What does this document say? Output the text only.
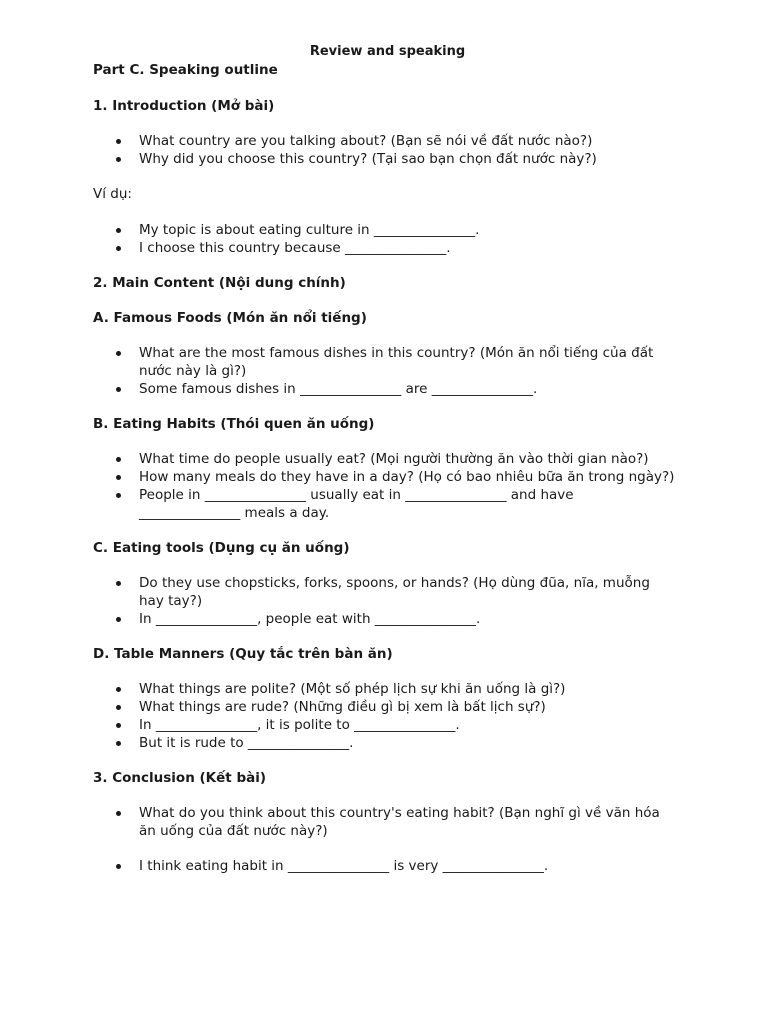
Review and speaking
Part C. Speaking outline
1. Introduction (Mở bài)
What country are you talking about? (Bạn sẽ nói về đất nước nào?)
Why did you choose this country? (Tại sao bạn chọn đất nước này?)
Ví dụ:
My topic is about eating culture in _______________.
I choose this country because _______________.
2. Main Content (Nội dung chính)
A. Famous Foods (Món ăn nổi tiếng)
What are the most famous dishes in this country? (Món ăn nổi tiếng của đất nước này là gì?)
Some famous dishes in _______________ are _______________.
B. Eating Habits (Thói quen ăn uống)
What time do people usually eat? (Mọi người thường ăn vào thời gian nào?)
How many meals do they have in a day? (Họ có bao nhiêu bữa ăn trong ngày?)
People in _______________ usually eat in _______________ and have _______________ meals a day.
C. Eating tools (Dụng cụ ăn uống)
Do they use chopsticks, forks, spoons, or hands? (Họ dùng đũa, nĩa, muỗng hay tay?)
In _______________, people eat with _______________.
D. Table Manners (Quy tắc trên bàn ăn)
What things are polite? (Một số phép lịch sự khi ăn uống là gì?)
What things are rude? (Những điều gì bị xem là bất lịch sự?)
In _______________, it is polite to _______________.
But it is rude to _______________.
3. Conclusion (Kết bài)
What do you think about this country's eating habit? (Bạn nghĩ gì về văn hóa ăn uống của đất nước này?)
I think eating habit in _______________ is very _______________.
